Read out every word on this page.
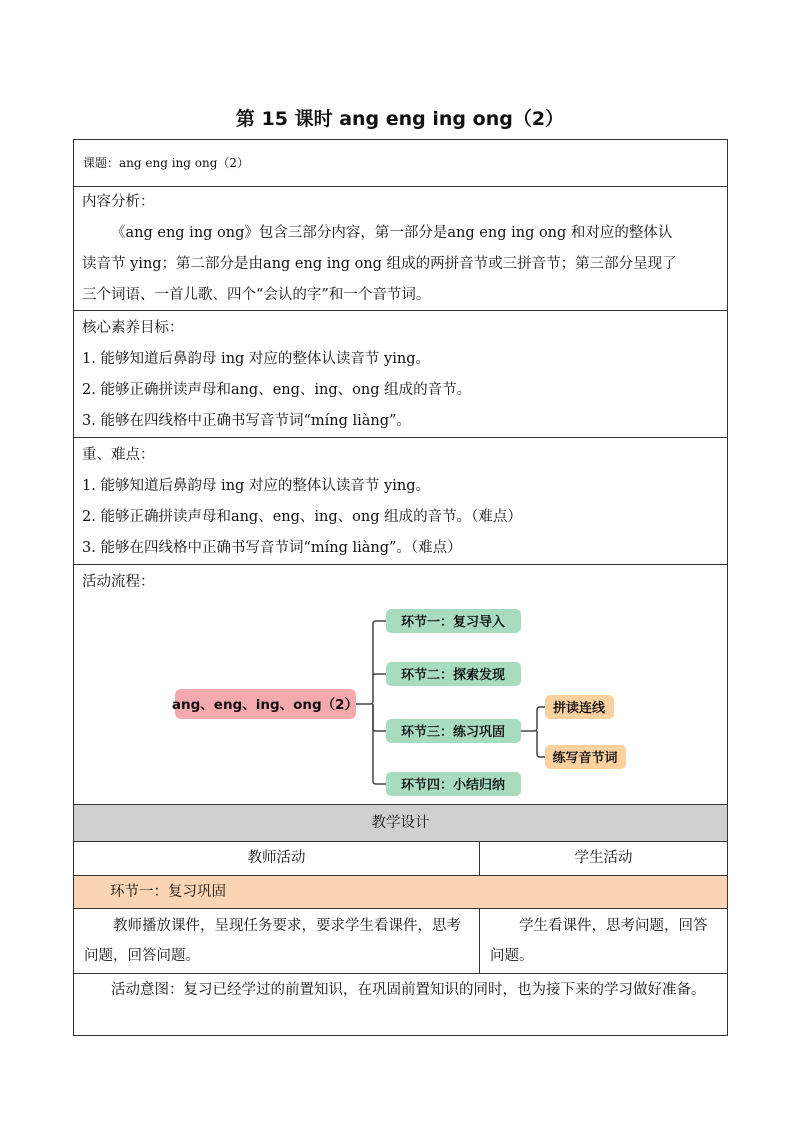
第 15 课时 ang eng ing ong（2）
课题：ang eng ing ong（2）
内容分析：
《ang eng ing ong》包含三部分内容，第一部分是ang eng ing ong 和对应的整体认
读音节 ying；第二部分是由ang eng ing ong 组成的两拼音节或三拼音节；第三部分呈现了
三个词语、一首儿歌、四个“会认的字”和一个音节词。
核心素养目标：
1. 能够知道后鼻韵母 ing 对应的整体认读音节 ying。
2. 能够正确拼读声母和ang、eng、ing、ong 组成的音节。
3. 能够在四线格中正确书写音节词“míng liàng”。
重、难点：
1. 能够知道后鼻韵母 ing 对应的整体认读音节 ying。
2. 能够正确拼读声母和ang、eng、ing、ong 组成的音节。（难点）
3. 能够在四线格中正确书写音节词“míng liàng”。（难点）
活动流程：
ang、eng、ing、ong（2）
环节一：复习导入
环节二：探索发现
环节三：练习巩固
环节四：小结归纳
拼读连线
练写音节词
教学设计
教师活动	学生活动
环节一：复习巩固
教师播放课件，呈现任务要求，要求学生看课件，思考问题，回答问题。
学生看课件，思考问题，回答问题。
活动意图：复习已经学过的前置知识，在巩固前置知识的同时，也为接下来的学习做好准备。
